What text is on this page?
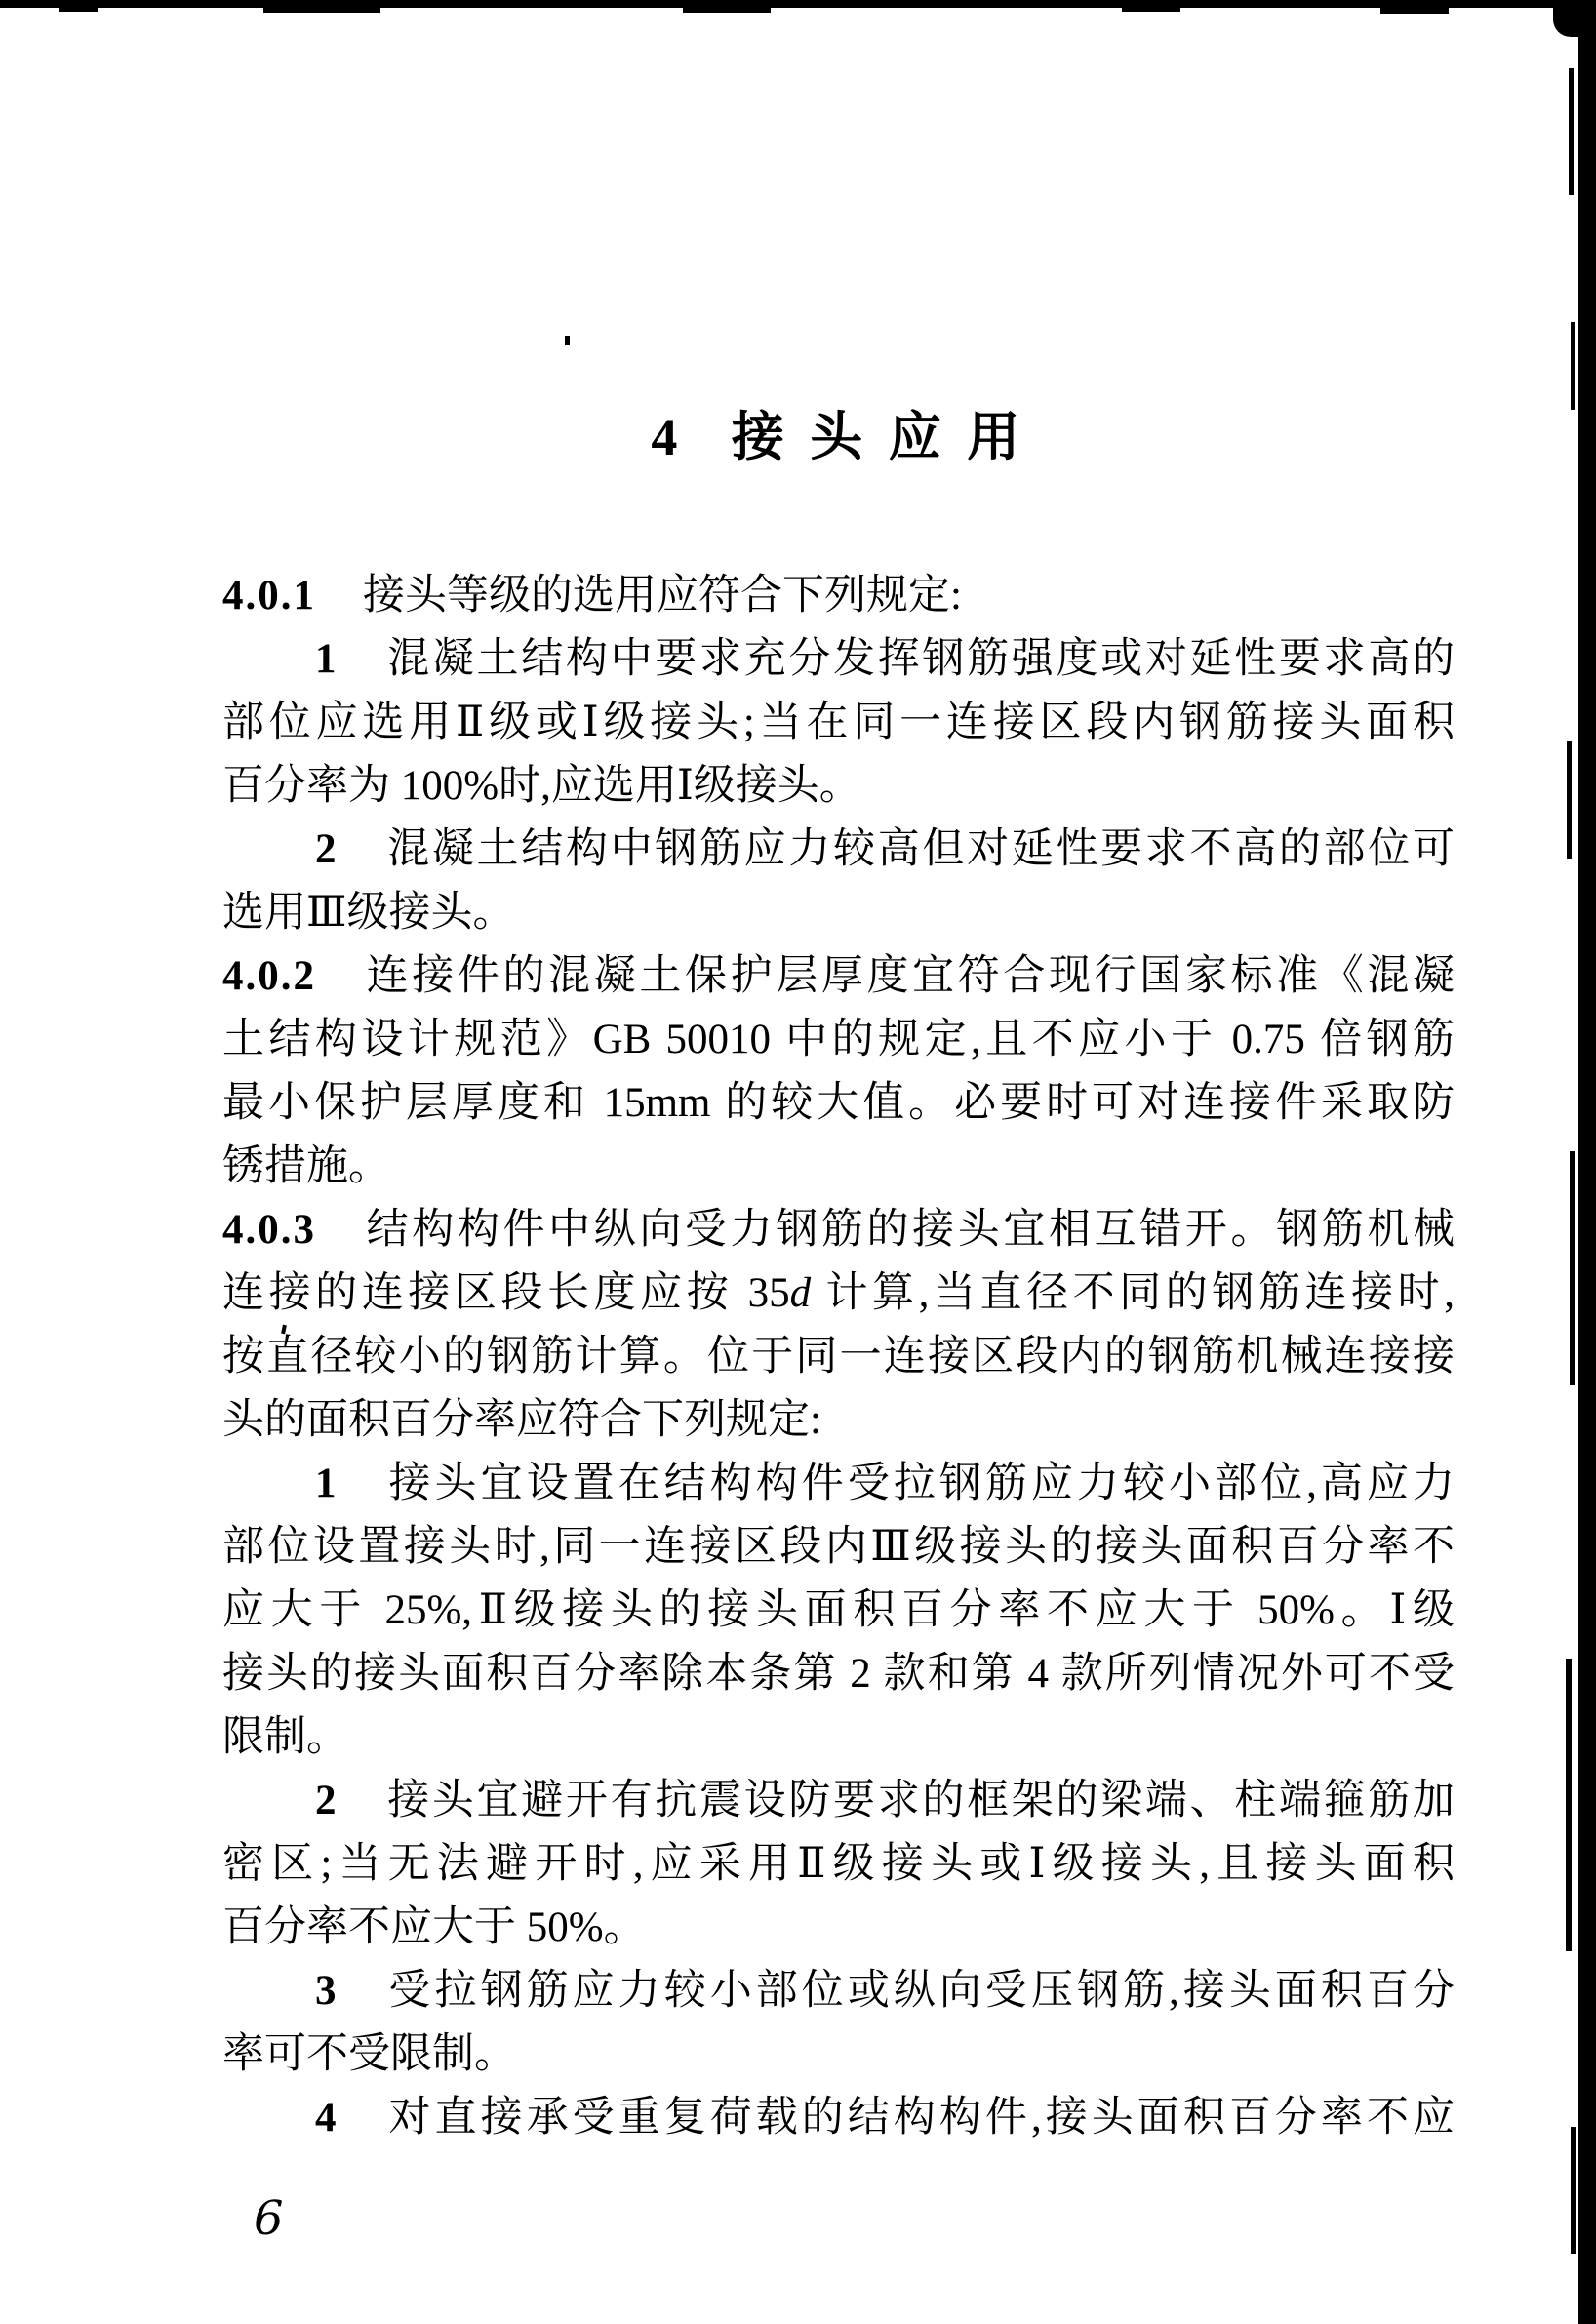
4 接 头 应 用
4.0.1 接头等级的选用应符合下列规定:
1 混凝土结构中要求充分发挥钢筋强度或对延性要求高的
部位应选用Ⅱ级或Ⅰ级接头;当在同一连接区段内钢筋接头面积
百分率为 100%时,应选用Ⅰ级接头。
2 混凝土结构中钢筋应力较高但对延性要求不高的部位可
选用Ⅲ级接头。
4.0.2 连接件的混凝土保护层厚度宜符合现行国家标准《混凝
土结构设计规范》GB 50010 中的规定,且不应小于 0.75 倍钢筋
最小保护层厚度和 15mm 的较大值。必要时可对连接件采取防
锈措施。
4.0.3 结构构件中纵向受力钢筋的接头宜相互错开。钢筋机械
连接的连接区段长度应按 35d 计算,当直径不同的钢筋连接时,
按直径较小的钢筋计算。位于同一连接区段内的钢筋机械连接接
头的面积百分率应符合下列规定:
1 接头宜设置在结构构件受拉钢筋应力较小部位,高应力
部位设置接头时,同一连接区段内Ⅲ级接头的接头面积百分率不
应大于 25%,Ⅱ级接头的接头面积百分率不应大于 50%。Ⅰ级
接头的接头面积百分率除本条第 2 款和第 4 款所列情况外可不受
限制。
2 接头宜避开有抗震设防要求的框架的梁端、柱端箍筋加
密区;当无法避开时,应采用Ⅱ级接头或Ⅰ级接头,且接头面积
百分率不应大于 50%。
3 受拉钢筋应力较小部位或纵向受压钢筋,接头面积百分
率可不受限制。
4 对直接承受重复荷载的结构构件,接头面积百分率不应
6
